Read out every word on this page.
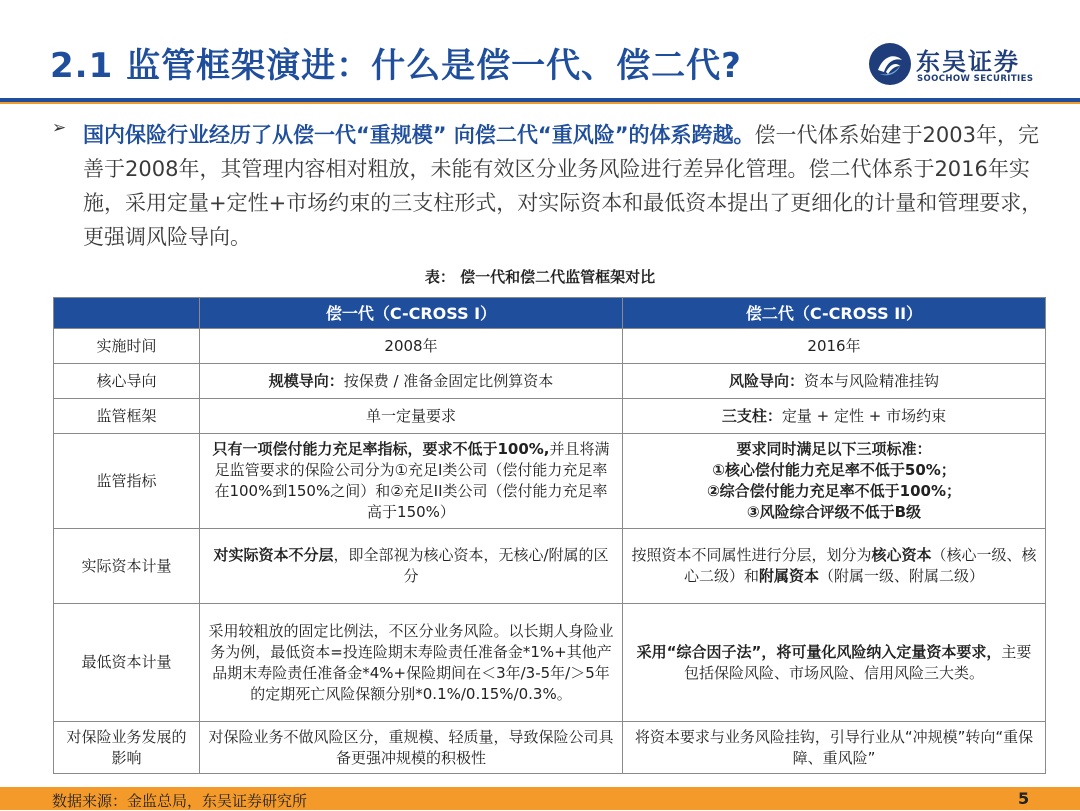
2.1 监管框架演进：什么是偿一代、偿二代?	东吴证券
SOOCHOW SECURITIES
➢ 国内保险行业经历了从偿一代“重规模” 向偿二代“重风险”的体系跨越。偿一代体系始建于2003年，完善于2008年，其管理内容相对粗放，未能有效区分业务风险进行差异化管理。偿二代体系于2016年实施，采用定量+定性+市场约束的三支柱形式，对实际资本和最低资本提出了更细化的计量和管理要求，更强调风险导向。
表： 偿一代和偿二代监管框架对比
	偿一代（C-CROSS I）	偿二代（C-CROSS II）
实施时间	2008年	2016年
核心导向	规模导向：按保费 / 准备金固定比例算资本	风险导向：资本与风险精准挂钩
监管框架	单一定量要求	三支柱：定量 + 定性 + 市场约束
监管指标	只有一项偿付能力充足率指标，要求不低于100%,并且将满足监管要求的保险公司分为①充足I类公司（偿付能力充足率在100%到150%之间）和②充足II类公司（偿付能力充足率高于150%）	要求同时满足以下三项标准：
①核心偿付能力充足率不低于50%；
②综合偿付能力充足率不低于100%；
③风险综合评级不低于B级

实际资本计量	对实际资本不分层，即全部视为核心资本，无核心/附属的区分	按照资本不同属性进行分层，划分为核心资本（核心一级、核心二级）和附属资本（附属一级、附属二级）
最低资本计量	采用较粗放的固定比例法，不区分业务风险。以长期人身险业务为例，最低资本=投连险期末寿险责任准备金*1%+其他产品期末寿险责任准备金*4%+保险期间在＜3年/3-5年/＞5年的定期死亡风险保额分别*0.1%/0.15%/0.3%。	采用“综合因子法”，将可量化风险纳入定量资本要求，主要包括保险风险、市场风险、信用风险三大类。
对保险业务发展的影响	对保险业务不做风险区分，重规模、轻质量，导致保险公司具备更强冲规模的积极性	将资本要求与业务风险挂钩，引导行业从“冲规模”转向“重保障、重风险”
数据来源：金监总局，东吴证券研究所	5
